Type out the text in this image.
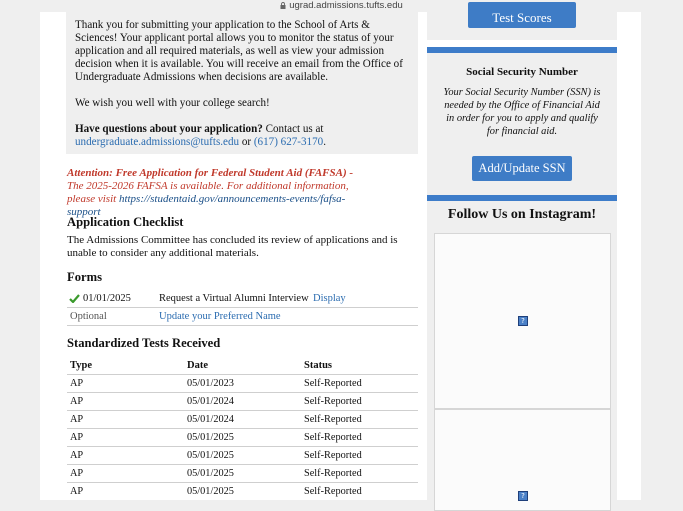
ugrad.admissions.tufts.edu

Thank you for submitting your application to the School of Arts & Sciences! Your applicant portal allows you to monitor the status of your application and all required materials, as well as view your admission decision when it is available. You will receive an email from the Office of Undergraduate Admissions when decisions are available.

We wish you well with your college search!

Have questions about your application? Contact us at
undergraduate.admissions@tufts.edu or (617) 627-3170.

Attention: Free Application for Federal Student Aid (FAFSA) - The 2025-2026 FAFSA is available. For additional information, please visit https://studentaid.gov/announcements-events/fafsa-support
Application Checklist
The Admissions Committee has concluded its review of applications and is unable to consider any additional materials.
Forms
01/01/2025	Request a Virtual Alumni Interview Display
Optional	Update your Preferred Name
Standardized Tests Received
Type	Date	Status
AP	05/01/2023	Self-Reported
AP	05/01/2024	Self-Reported
AP	05/01/2024	Self-Reported
AP	05/01/2025	Self-Reported
AP	05/01/2025	Self-Reported
AP	05/01/2025	Self-Reported
AP	05/01/2025	Self-Reported
Test Scores
Social Security Number
Your Social Security Number (SSN) is needed by the Office of Financial Aid in order for you to apply and qualify for financial aid.
Add/Update SSN
Follow Us on Instagram!
?
?
